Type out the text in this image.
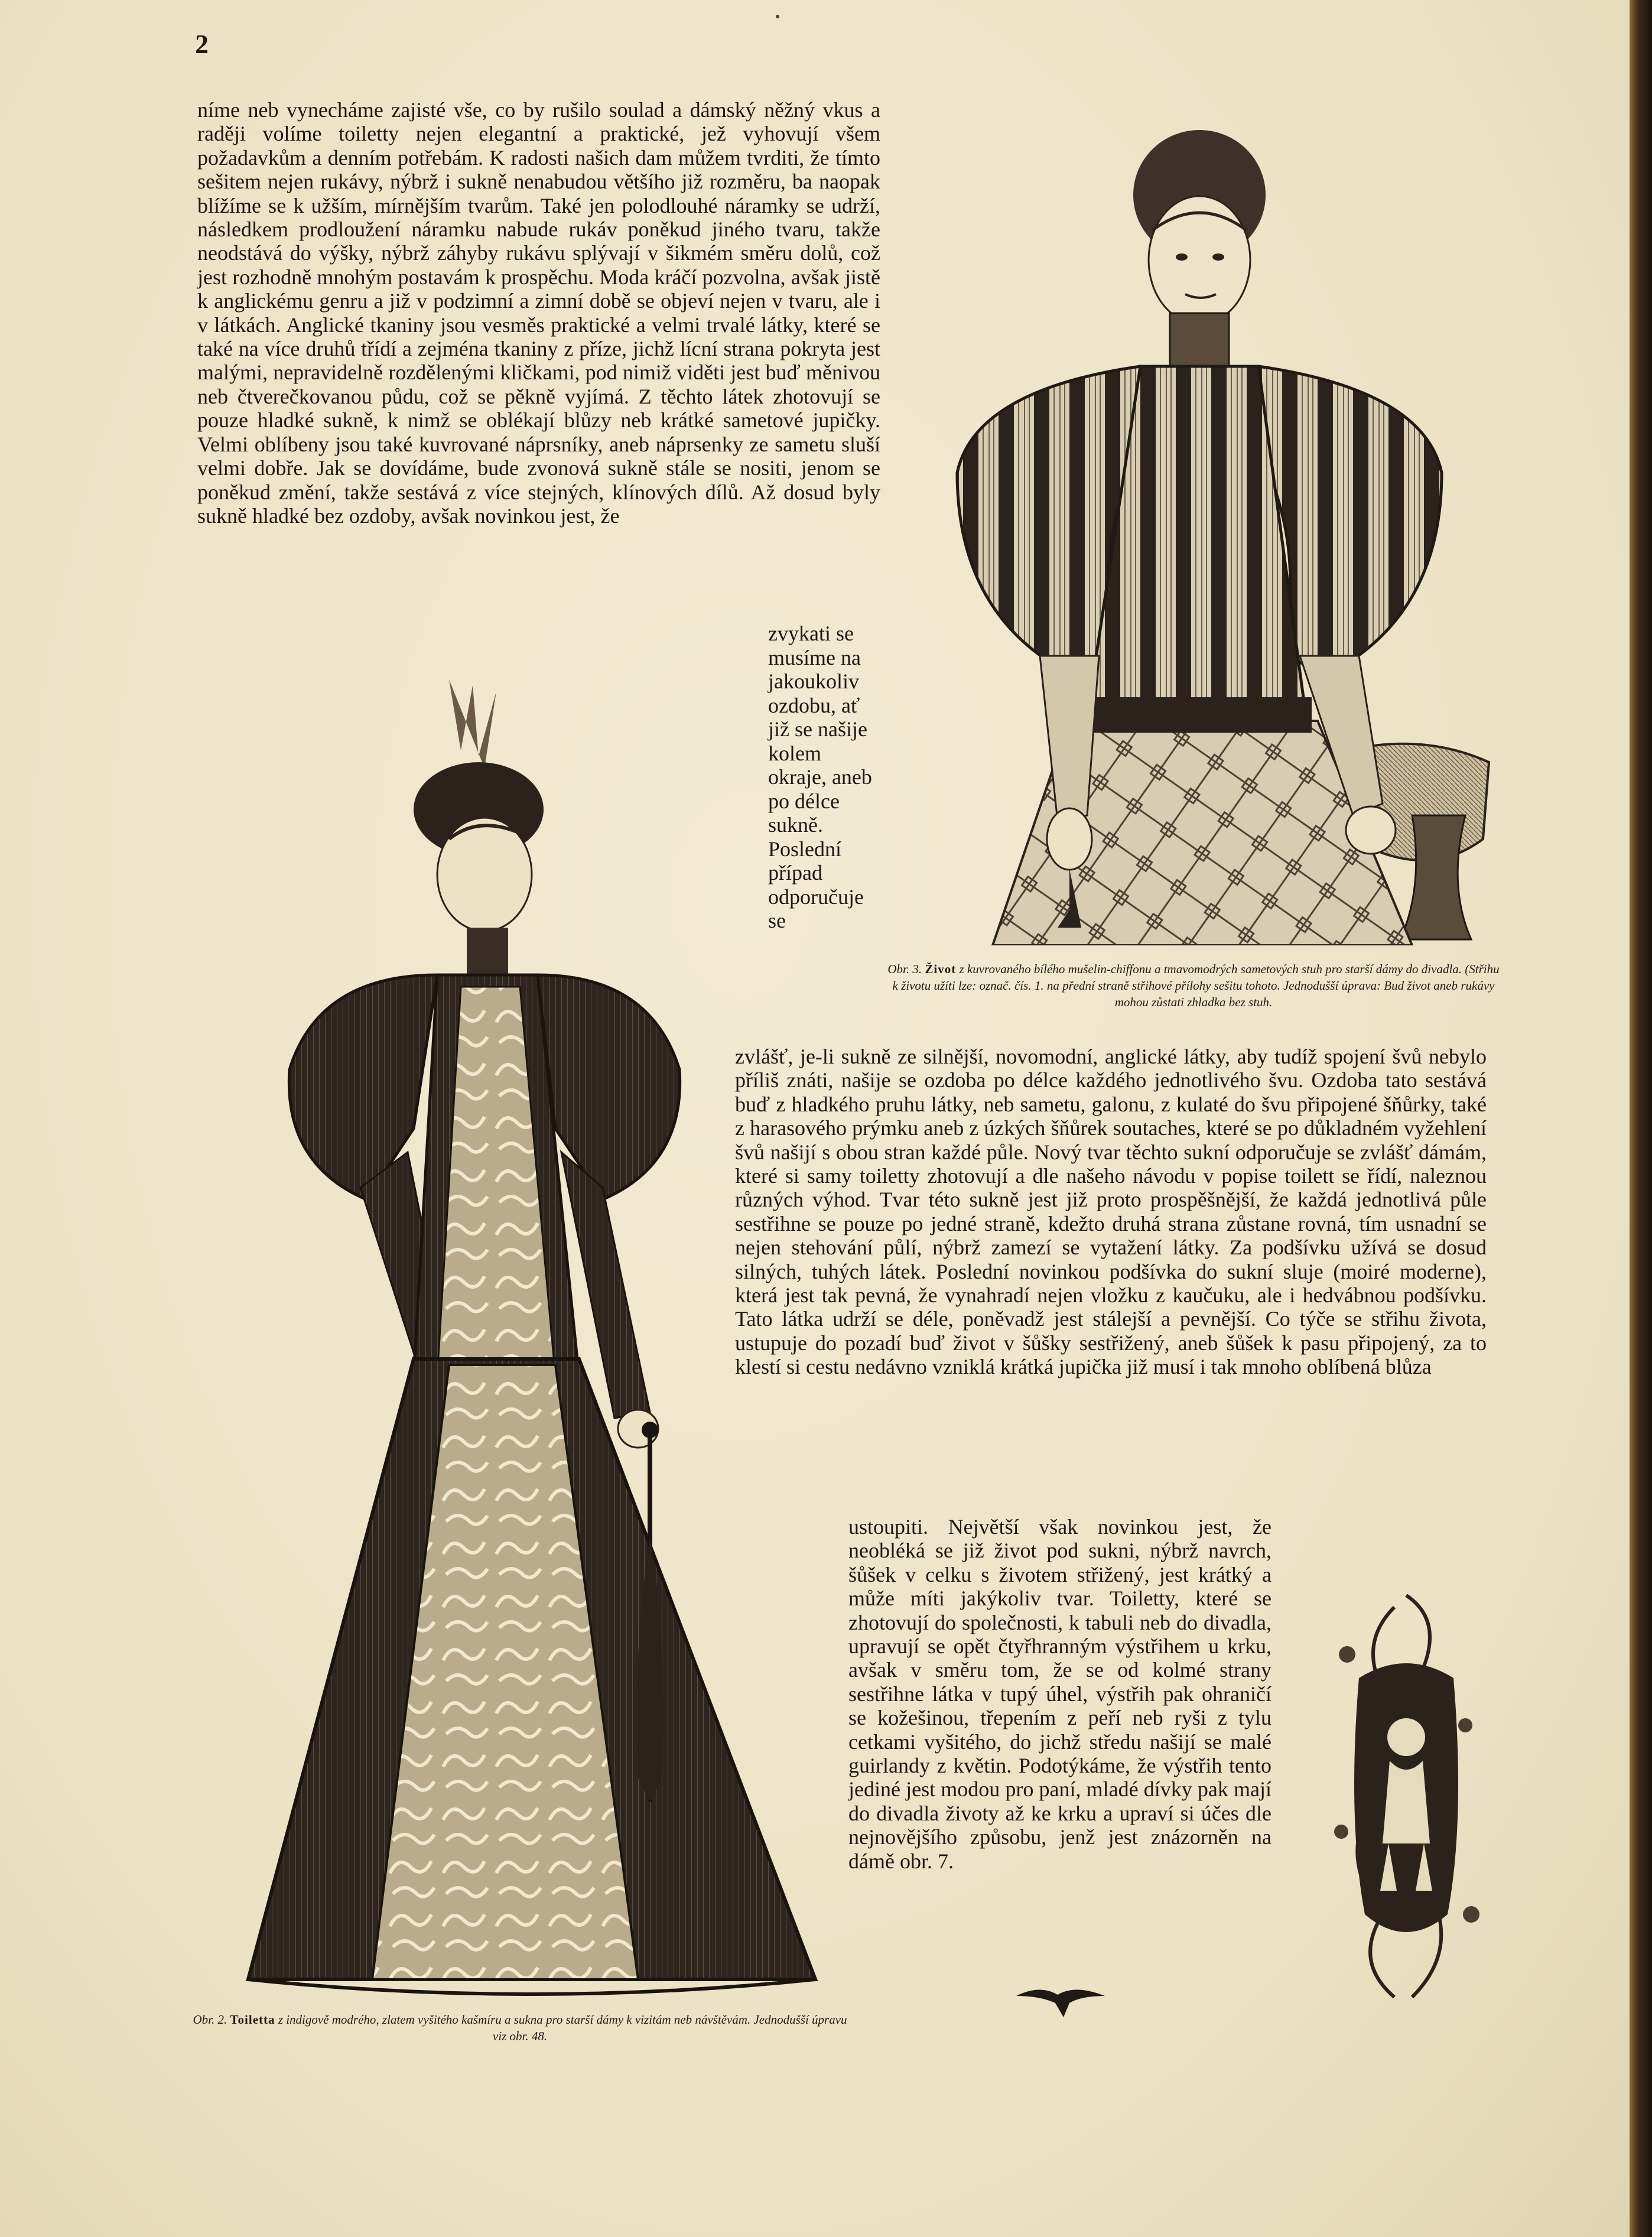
2

níme neb vynecháme zajisté vše, co by rušilo soulad a dámský něžný vkus a raději volíme toiletty nejen elegantní a praktické, jež vyhovují všem požadavkům a denním potřebám. K radosti našich dam můžem tvrditi, že tímto sešitem nejen rukávy, nýbrž i sukně nenabudou většího již rozměru, ba naopak blížíme se k užším, mírnějším tvarům. Také jen polodlouhé náramky se udrží, následkem prodloužení náramku nabude rukáv poněkud jiného tvaru, takže neodstává do výšky, nýbrž záhyby rukávu splývají v šikmém směru dolů, což jest rozhodně mnohým postavám k prospěchu. Moda kráčí pozvolna, avšak jistě k anglickému genru a již v podzimní a zimní době se objeví nejen v tvaru, ale i v látkách. Anglické tkaniny jsou vesměs praktické a velmi trvalé látky, které se také na více druhů třídí a zejména tkaniny z příze, jichž lícní strana pokryta jest malými, nepravidelně rozdělenými kličkami, pod nimiž viděti jest buď měnivou neb čtverečkovanou půdu, což se pěkně vyjímá. Z těchto látek zhotovují se pouze hladké sukně, k nimž se oblékají blůzy neb krátké sametové jupičky. Velmi oblíbeny jsou také kuvrované náprsníky, aneb náprsenky ze sametu sluší velmi dobře. Jak se dovídáme, bude zvonová sukně stále se nositi, jenom se poněkud změní, takže sestává z více stejných, klínových dílů. Až dosud byly sukně hladké bez ozdoby, avšak novinkou jest, že

zvykati se musíme na jakoukoliv ozdobu, ať již se našije kolem okraje, aneb po délce sukně. Poslední případ odporučuje se

zvlášť, je-li sukně ze silnější, novomodní, anglické látky, aby tudíž spojení švů nebylo příliš znáti, našije se ozdoba po délce každého jednotlivého švu. Ozdoba tato sestává buď z hladkého pruhu látky, neb sametu, galonu, z kulaté do švu připojené šňůrky, také z harasového prýmku aneb z úzkých šňůrek soutaches, které se po důkladném vyžehlení švů našijí s obou stran každé půle. Nový tvar těchto sukní odporučuje se zvlášť dámám, které si samy toiletty zhotovují a dle našeho návodu v popise toilett se řídí, naleznou různých výhod. Tvar této sukně jest již proto prospěšnější, že každá jednotlivá půle sestřihne se pouze po jedné straně, kdežto druhá strana zůstane rovná, tím usnadní se nejen stehování půlí, nýbrž zamezí se vytažení látky. Za podšívku užívá se dosud silných, tuhých látek. Poslední novinkou podšívka do sukní sluje (moiré moderne), která jest tak pevná, že vynahradí nejen vložku z kaučuku, ale i hedvábnou podšívku. Tato látka udrží se déle, poněvadž jest stálejší a pevnější. Co týče se střihu života, ustupuje do pozadí buď život v šůšky sestřižený, aneb šůšek k pasu připojený, za to klestí si cestu nedávno vzniklá krátká jupička již musí i tak mnoho oblíbená blůza

ustoupiti. Největší však novinkou jest, že neobléká se již život pod sukni, nýbrž navrch, šůšek v celku s životem střižený, jest krátký a může míti jakýkoliv tvar. Toiletty, které se zhotovují do společnosti, k tabuli neb do divadla, upravují se opět čtyřhranným výstřihem u krku, avšak v směru tom, že se od kolmé strany sestřihne látka v tupý úhel, výstřih pak ohraničí se kožešinou, třepením z peří neb ryši z tylu cetkami vyšitého, do jichž středu našijí se malé guirlandy z květin. Podotýkáme, že výstřih tento jediné jest modou pro paní, mladé dívky pak mají do divadla životy až ke krku a upraví si účes dle nejnovějšího způsobu, jenž jest znázorněn na dámě obr. 7.

Obr. 3. Život z kuvrovaného bílého mušelin-chiffonu a tmavomodrých sametových stuh pro starší dámy do divadla. (Střihu k životu užíti lze: označ. čís. 1. na přední straně střihové přílohy sešitu tohoto. Jednodušší úprava: Bud život aneb rukávy mohou zůstati zhladka bez stuh.

Obr. 2. Toiletta z indigově modrého, zlatem vyšitého kašmíru a sukna pro starší dámy k vizitám neb návštěvám. Jednodušší úpravu viz obr. 48.
